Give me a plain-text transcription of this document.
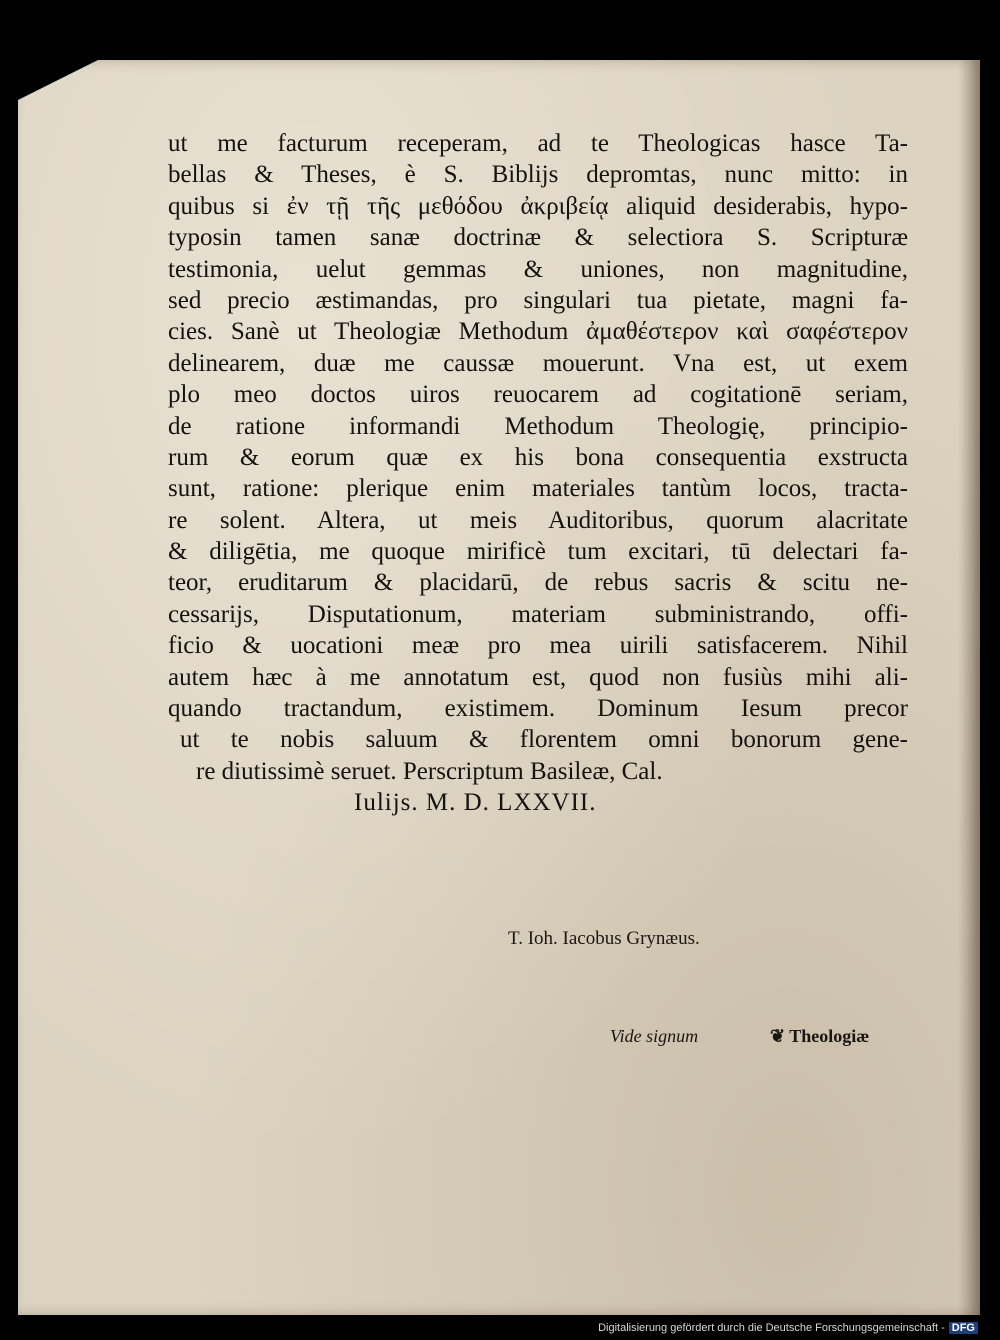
ut me facturum receperam, ad te Theologicas hasce Ta-
bellas & Theses, è S. Biblijs depromtas, nunc mitto: in
quibus si ἐν τῇ τῆς μεθόδου ἀκριβείᾳ aliquid desiderabis, hypo-
typosin tamen sanæ doctrinæ & selectiora S. Scripturæ
testimonia, uelut gemmas & uniones, non magnitudine,
sed precio æstimandas, pro singulari tua pietate, magni fa-
cies. Sanè ut Theologiæ Methodum ἀμαθέστερον καὶ σαφέστερον
delinearem, duæ me caussæ mouerunt. Vna est, ut exem
plo meo doctos uiros reuocarem ad cogitationē seriam,
de ratione informandi Methodum Theologię, principio-
rum & eorum quæ ex his bona consequentia exstructa
sunt, ratione: plerique enim materiales tantùm locos, tracta-
re solent. Altera, ut meis Auditoribus, quorum alacritate
& diligētia, me quoque mirificè tum excitari, tū delectari fa-
teor, eruditarum & placidarū, de rebus sacris & scitu ne-
cessarijs, Disputationum, materiam subministrando, offi-
ficio & uocationi meæ pro mea uirili satisfacerem. Nihil
autem hæc à me annotatum est, quod non fusiùs mihi ali-
quando tractandum, existimem. Dominum Iesum precor
ut te nobis saluum & florentem omni bonorum gene-
re diutissimè seruet. Perscriptum Basileæ, Cal.
Iulijs. M. D. LXXVII.
T. Ioh. Iacobus Grynæus.
Vide signum	❦ Theologiæ
Digitalisierung gefördert durch die Deutsche Forschungsgemeinschaft - DFG
